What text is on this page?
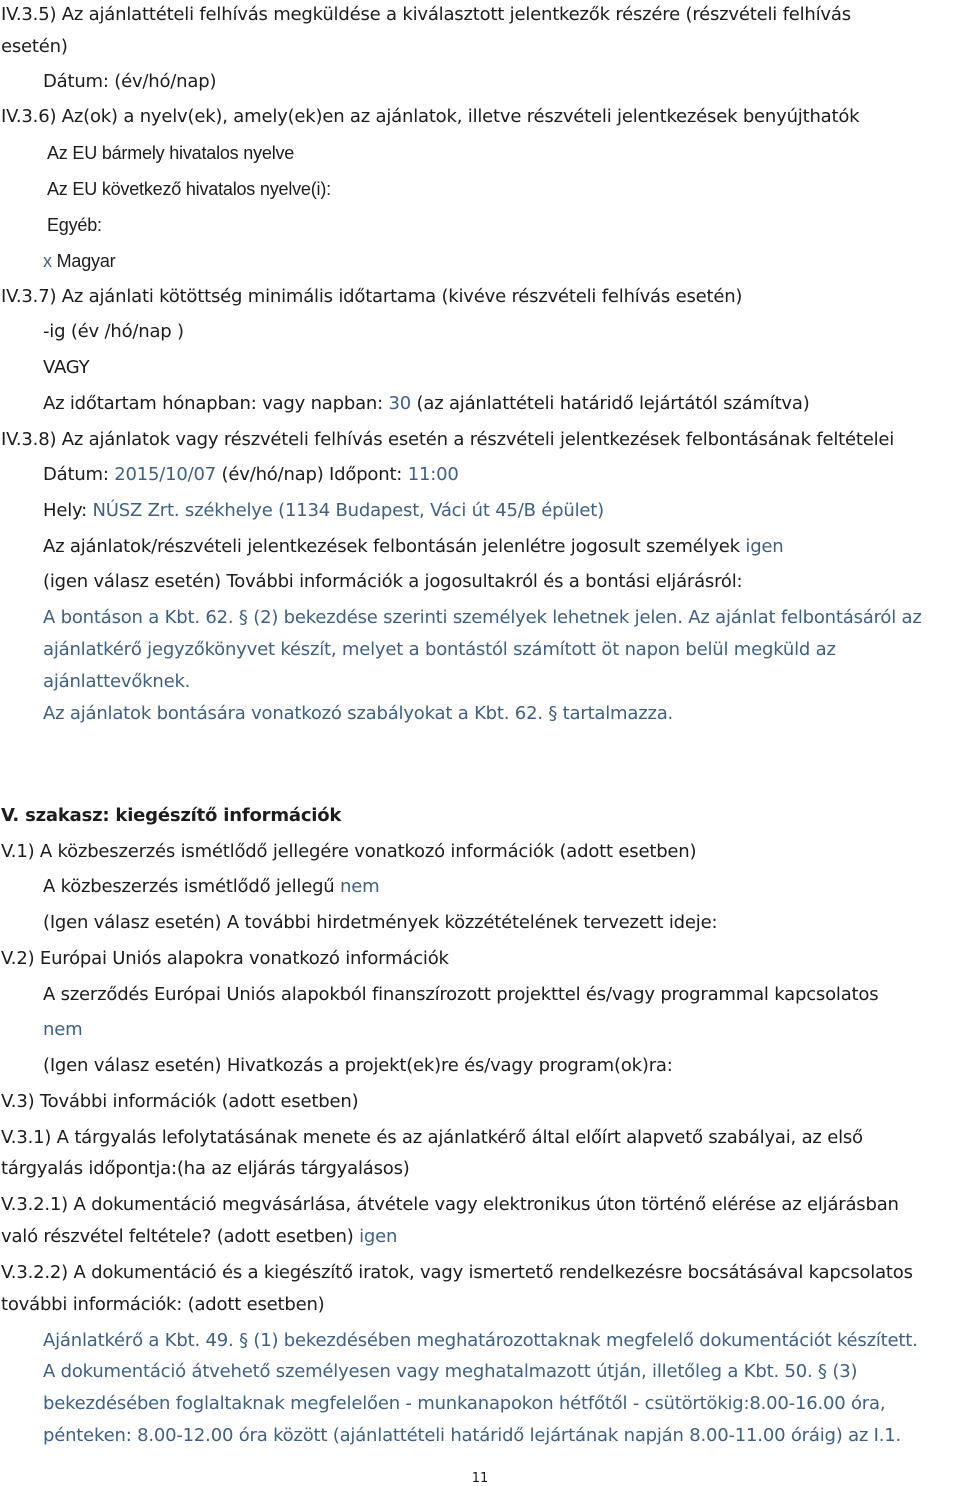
IV.3.5) Az ajánlattételi felhívás megküldése a kiválasztott jelentkezők részére (részvételi felhívás
esetén)
Dátum: (év/hó/nap)
IV.3.6) Az(ok) a nyelv(ek), amely(ek)en az ajánlatok, illetve részvételi jelentkezések benyújthatók
Az EU bármely hivatalos nyelve
Az EU következő hivatalos nyelve(i):
Egyéb:
x Magyar
IV.3.7) Az ajánlati kötöttség minimális időtartama (kivéve részvételi felhívás esetén)
-ig (év /hó/nap )
VAGY
Az időtartam hónapban: vagy napban: 30 (az ajánlattételi határidő lejártától számítva)
IV.3.8) Az ajánlatok vagy részvételi felhívás esetén a részvételi jelentkezések felbontásának feltételei
Dátum: 2015/10/07 (év/hó/nap) Időpont: 11:00
Hely: NÚSZ Zrt. székhelye (1134 Budapest, Váci út 45/B épület)
Az ajánlatok/részvételi jelentkezések felbontásán jelenlétre jogosult személyek igen
(igen válasz esetén) További információk a jogosultakról és a bontási eljárásról:
A bontáson a Kbt. 62. § (2) bekezdése szerinti személyek lehetnek jelen. Az ajánlat felbontásáról az
ajánlatkérő jegyzőkönyvet készít, melyet a bontástól számított öt napon belül megküld az
ajánlattevőknek.
Az ajánlatok bontására vonatkozó szabályokat a Kbt. 62. § tartalmazza.
V. szakasz: kiegészítő információk
V.1) A közbeszerzés ismétlődő jellegére vonatkozó információk (adott esetben)
A közbeszerzés ismétlődő jellegű nem
(Igen válasz esetén) A további hirdetmények közzétételének tervezett ideje:
V.2) Európai Uniós alapokra vonatkozó információk
A szerződés Európai Uniós alapokból finanszírozott projekttel és/vagy programmal kapcsolatos
nem
(Igen válasz esetén) Hivatkozás a projekt(ek)re és/vagy program(ok)ra:
V.3) További információk (adott esetben)
V.3.1) A tárgyalás lefolytatásának menete és az ajánlatkérő által előírt alapvető szabályai, az első
tárgyalás időpontja:(ha az eljárás tárgyalásos)
V.3.2.1) A dokumentáció megvásárlása, átvétele vagy elektronikus úton történő elérése az eljárásban
való részvétel feltétele? (adott esetben) igen
V.3.2.2) A dokumentáció és a kiegészítő iratok, vagy ismertető rendelkezésre bocsátásával kapcsolatos
további információk: (adott esetben)
Ajánlatkérő a Kbt. 49. § (1) bekezdésében meghatározottaknak megfelelő dokumentációt készített.
A dokumentáció átvehető személyesen vagy meghatalmazott útján, illetőleg a Kbt. 50. § (3)
bekezdésében foglaltaknak megfelelően - munkanapokon hétfőtől - csütörtökig:8.00-16.00 óra,
pénteken: 8.00-12.00 óra között (ajánlattételi határidő lejártának napján 8.00-11.00 óráig) az I.1.
11
